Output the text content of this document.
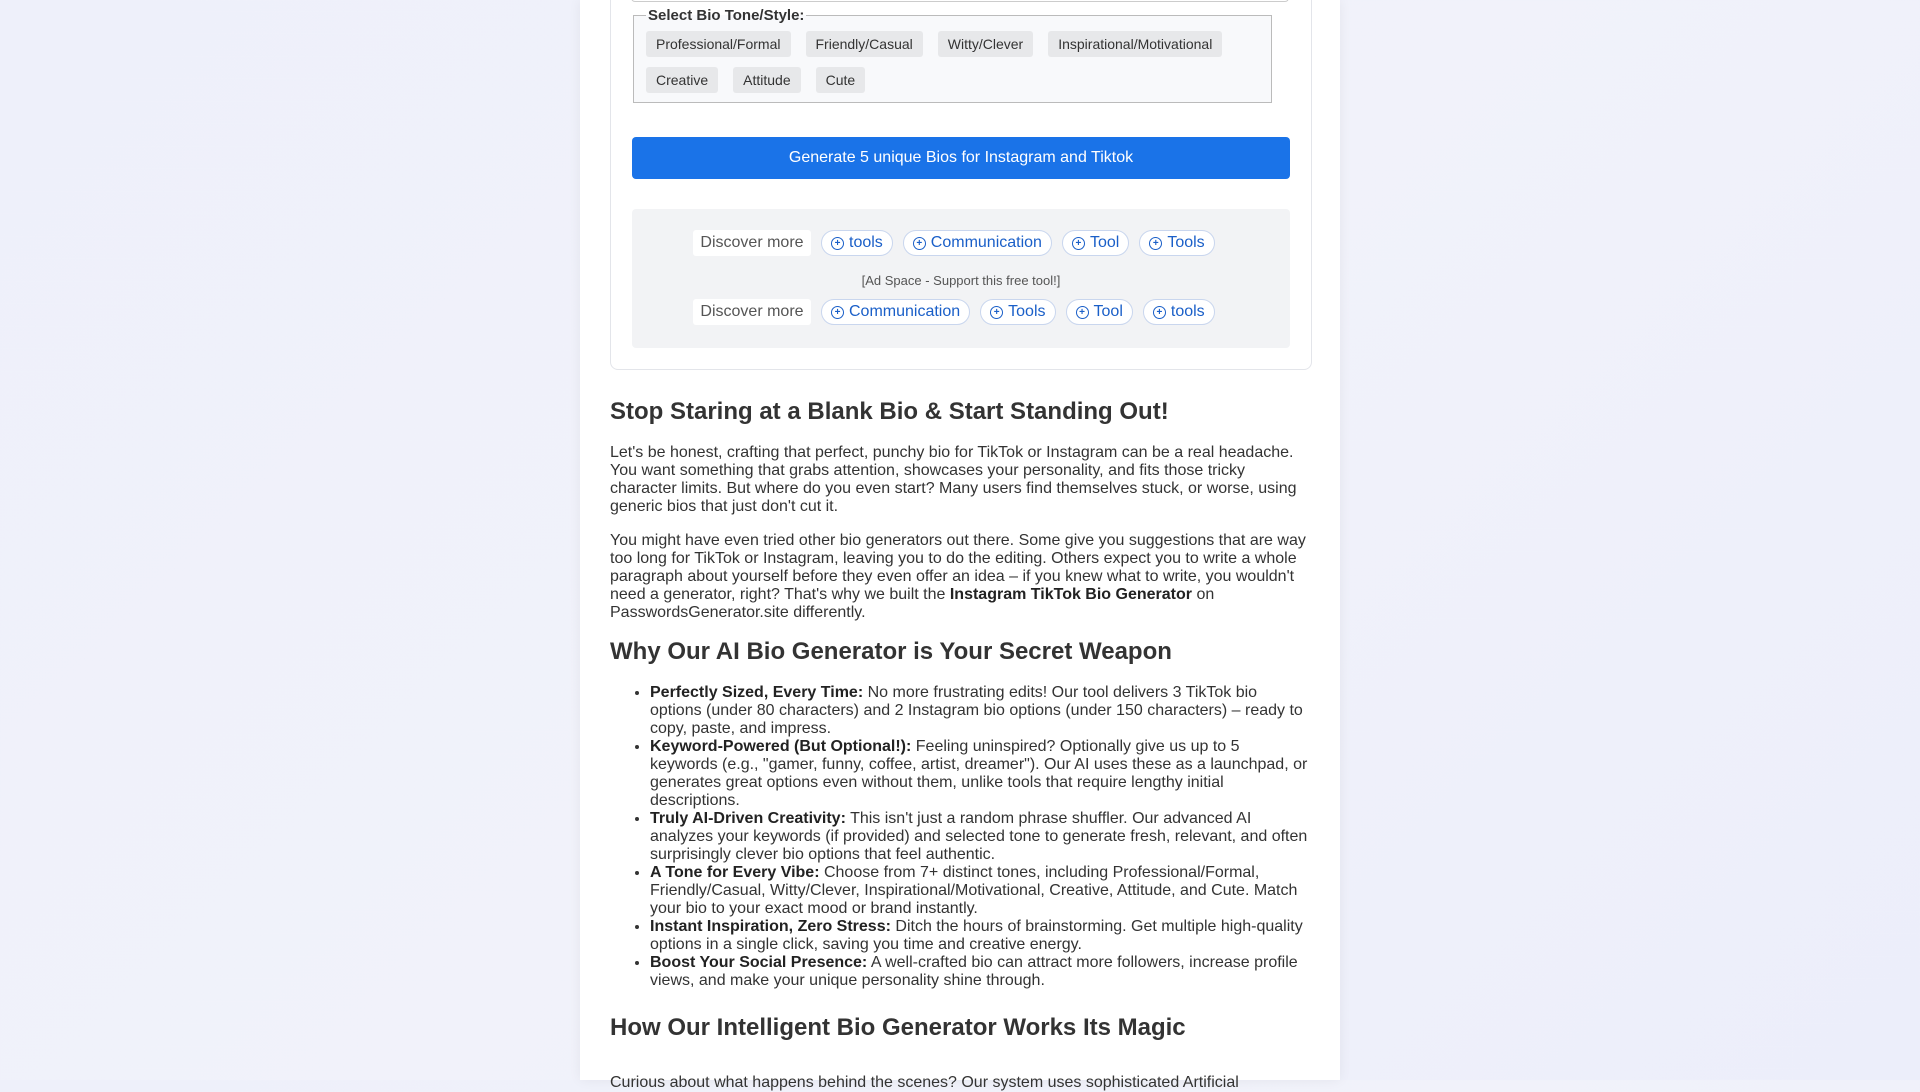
Select Bio Tone/Style:
Professional/Formal	Friendly/Casual	Witty/Clever	Inspirational/Motivational
Creative	Attitude	Cute
Generate 5 unique Bios for Instagram and Tiktok
Discover more	+ tools	+ Communication	+ Tool	+ Tools
[Ad Space - Support this free tool!]
Discover more	+ Communication	+ Tools	+ Tool	+ tools
Stop Staring at a Blank Bio & Start Standing Out!

Let's be honest, crafting that perfect, punchy bio for TikTok or Instagram can be a real headache. You want something that grabs attention, showcases your personality, and fits those tricky character limits. But where do you even start? Many users find themselves stuck, or worse, using generic bios that just don't cut it.

You might have even tried other bio generators out there. Some give you suggestions that are way too long for TikTok or Instagram, leaving you to do the editing. Others expect you to write a whole paragraph about yourself before they even offer an idea – if you knew what to write, you wouldn't need a generator, right? That's why we built the Instagram TikTok Bio Generator on PasswordsGenerator.site differently.

Why Our AI Bio Generator is Your Secret Weapon
• Perfectly Sized, Every Time: No more frustrating edits! Our tool delivers 3 TikTok bio options (under 80 characters) and 2 Instagram bio options (under 150 characters) – ready to copy, paste, and impress.
• Keyword-Powered (But Optional!): Feeling uninspired? Optionally give us up to 5 keywords (e.g., "gamer, funny, coffee, artist, dreamer"). Our AI uses these as a launchpad, or generates great options even without them, unlike tools that require lengthy initial descriptions.
• Truly AI-Driven Creativity: This isn't just a random phrase shuffler. Our advanced AI analyzes your keywords (if provided) and selected tone to generate fresh, relevant, and often surprisingly clever bio options that feel authentic.
• A Tone for Every Vibe: Choose from 7+ distinct tones, including Professional/Formal, Friendly/Casual, Witty/Clever, Inspirational/Motivational, Creative, Attitude, and Cute. Match your bio to your exact mood or brand instantly.
• Instant Inspiration, Zero Stress: Ditch the hours of brainstorming. Get multiple high-quality options in a single click, saving you time and creative energy.
• Boost Your Social Presence: A well-crafted bio can attract more followers, increase profile views, and make your unique personality shine through.
How Our Intelligent Bio Generator Works Its Magic

Curious about what happens behind the scenes? Our system uses sophisticated Artificial
